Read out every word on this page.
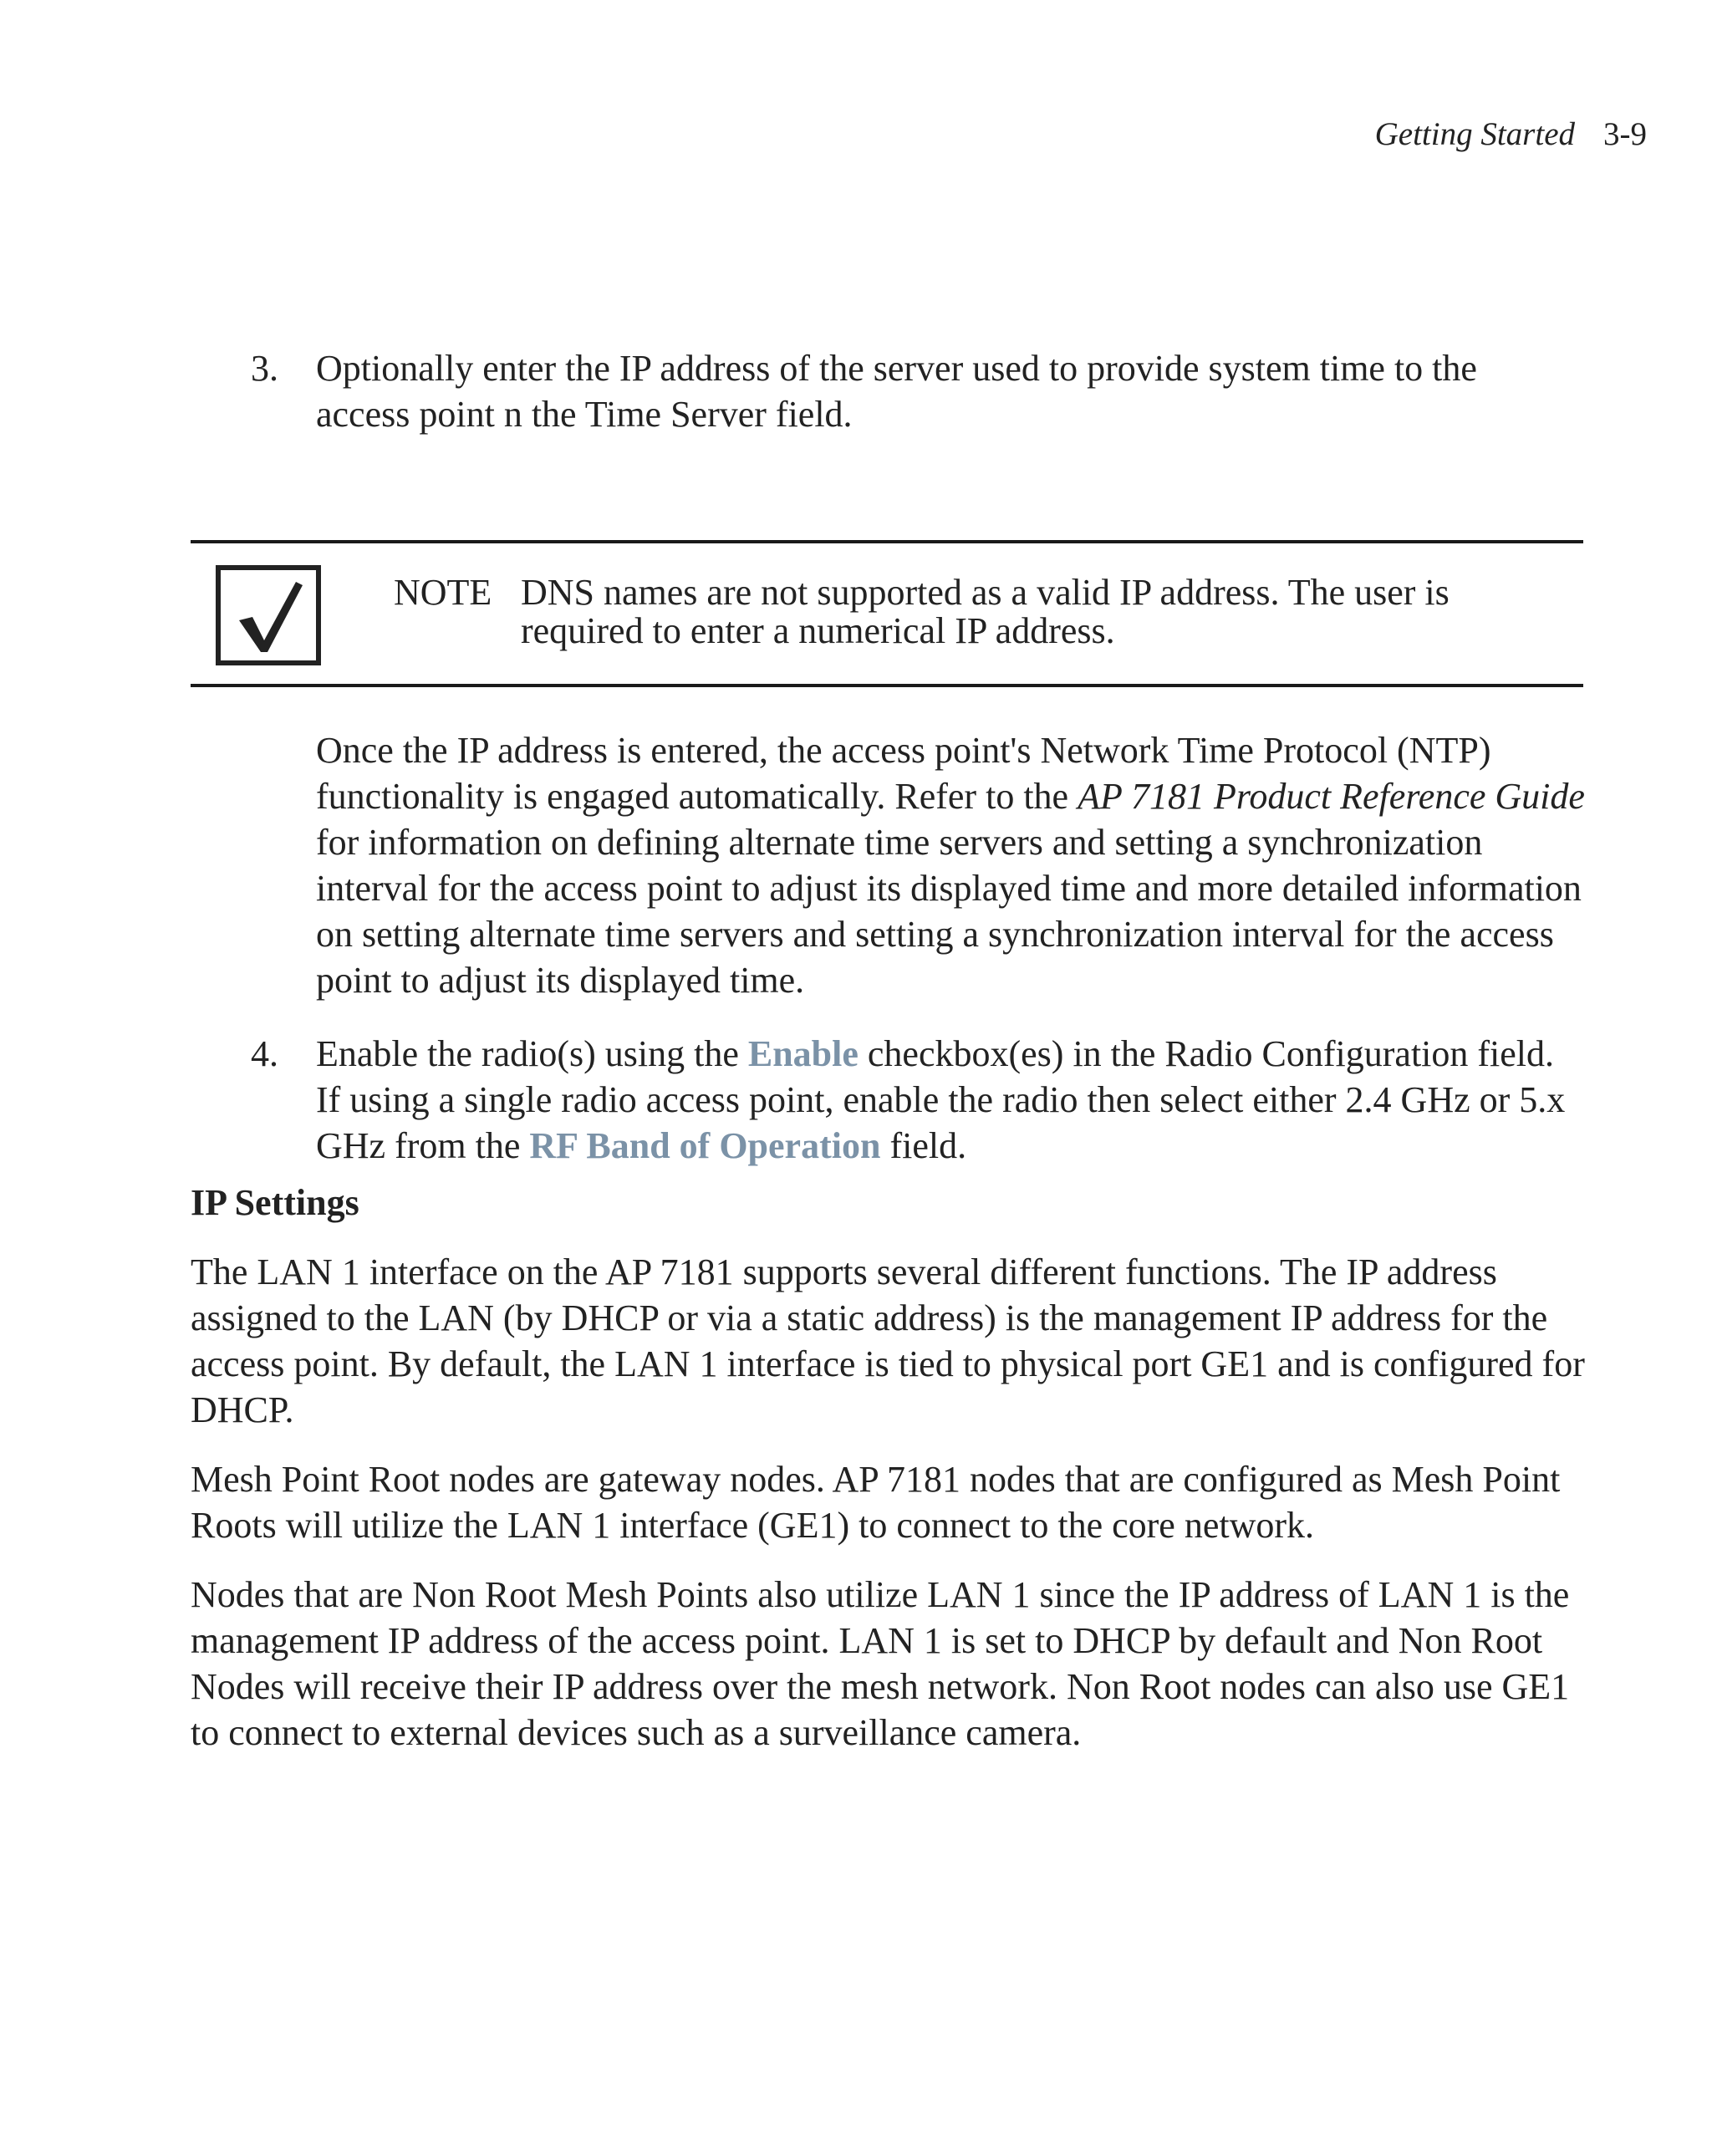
Getting Started 3-9
3. Optionally enter the IP address of the server used to provide system time to the access point n the Time Server field.
NOTE DNS names are not supported as a valid IP address. The user is required to enter a numerical IP address.
Once the IP address is entered, the access point's Network Time Protocol (NTP) functionality is engaged automatically. Refer to the AP 7181 Product Reference Guide for information on defining alternate time servers and setting a synchronization interval for the access point to adjust its displayed time and more detailed information on setting alternate time servers and setting a synchronization interval for the access point to adjust its displayed time.
4. Enable the radio(s) using the Enable checkbox(es) in the Radio Configuration field. If using a single radio access point, enable the radio then select either 2.4 GHz or 5.x GHz from the RF Band of Operation field.
IP Settings

The LAN 1 interface on the AP 7181 supports several different functions. The IP address assigned to the LAN (by DHCP or via a static address) is the management IP address for the access point. By default, the LAN 1 interface is tied to physical port GE1 and is configured for DHCP.

Mesh Point Root nodes are gateway nodes. AP 7181 nodes that are configured as Mesh Point Roots will utilize the LAN 1 interface (GE1) to connect to the core network.

Nodes that are Non Root Mesh Points also utilize LAN 1 since the IP address of LAN 1 is the management IP address of the access point. LAN 1 is set to DHCP by default and Non Root Nodes will receive their IP address over the mesh network. Non Root nodes can also use GE1 to connect to external devices such as a surveillance camera.
